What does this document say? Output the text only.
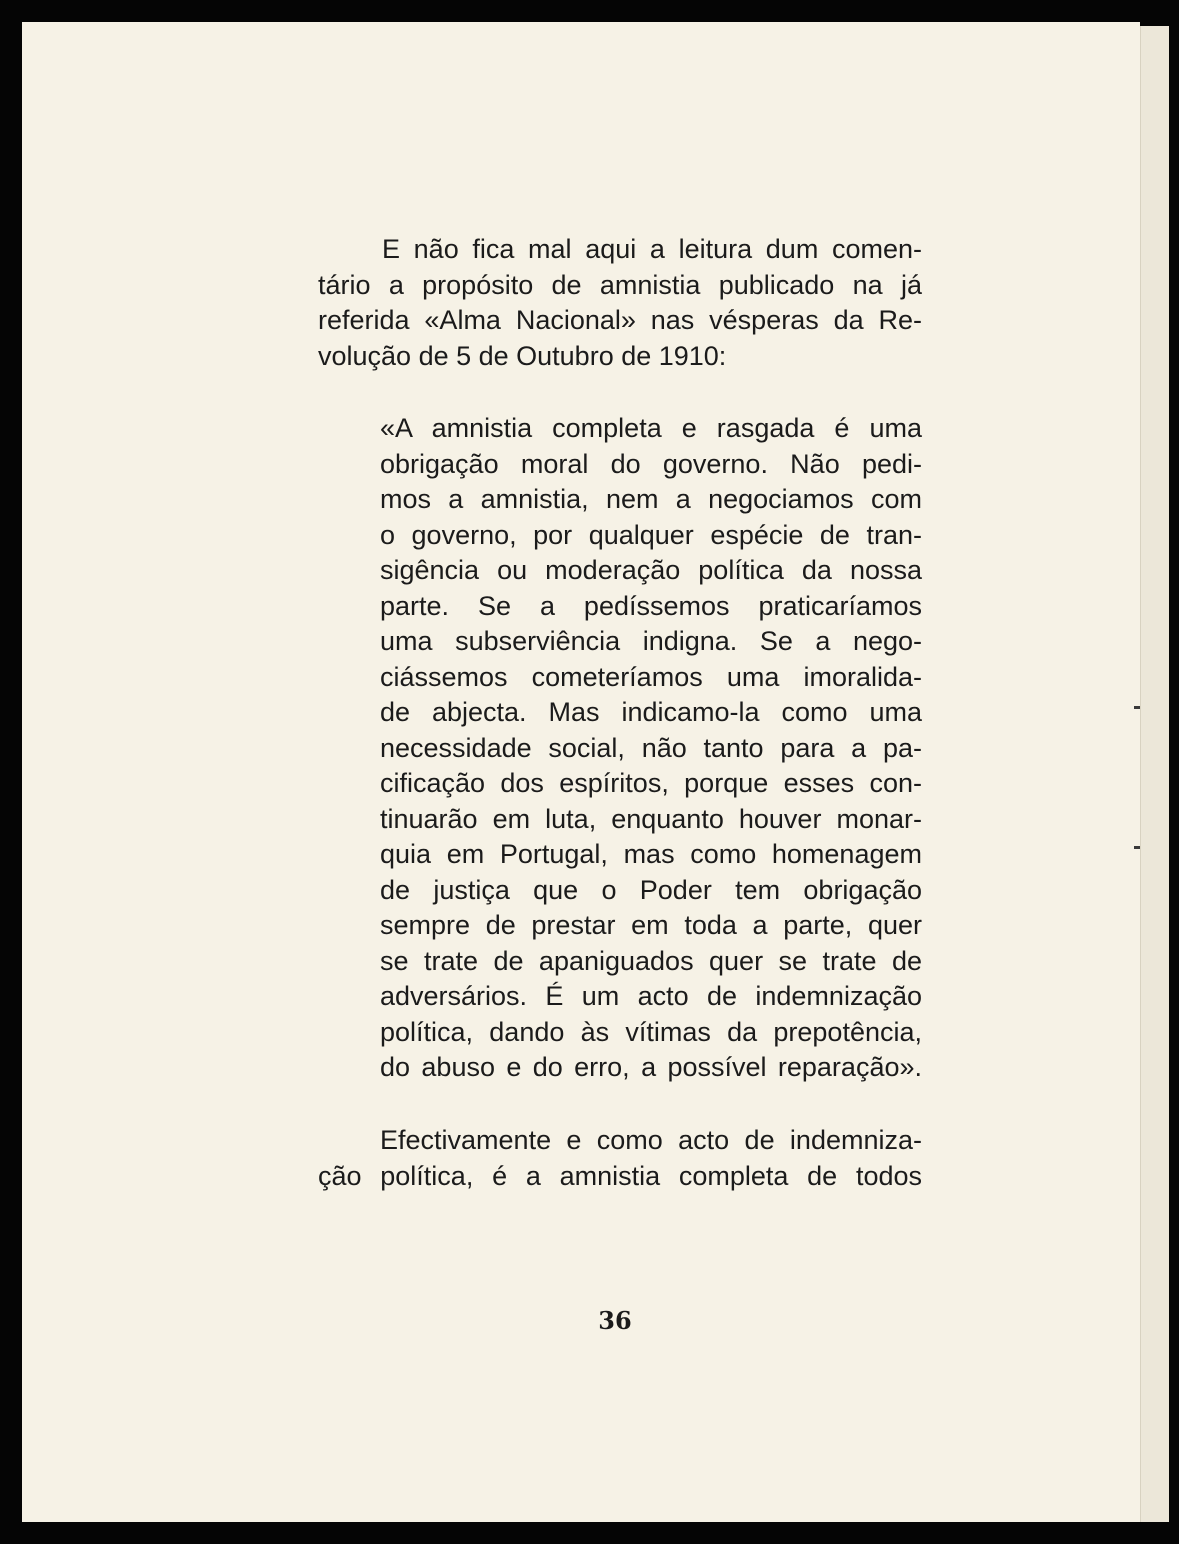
E não fica mal aqui a leitura dum comen-
tário a propósito de amnistia publicado na já
referida «Alma Nacional» nas vésperas da Re-
volução de 5 de Outubro de 1910:
«A amnistia completa e rasgada é uma
obrigação moral do governo. Não pedi-
mos a amnistia, nem a negociamos com
o governo, por qualquer espécie de tran-
sigência ou moderação política da nossa
parte. Se a pedíssemos praticaríamos
uma subserviência indigna. Se a nego-
ciássemos cometeríamos uma imoralida-
de abjecta. Mas indicamo-la como uma
necessidade social, não tanto para a pa-
cificação dos espíritos, porque esses con-
tinuarão em luta, enquanto houver monar-
quia em Portugal, mas como homenagem
de justiça que o Poder tem obrigação
sempre de prestar em toda a parte, quer
se trate de apaniguados quer se trate de
adversários. É um acto de indemnização
política, dando às vítimas da prepotência,
do abuso e do erro, a possível reparação».
Efectivamente e como acto de indemniza-
ção política, é a amnistia completa de todos
36
